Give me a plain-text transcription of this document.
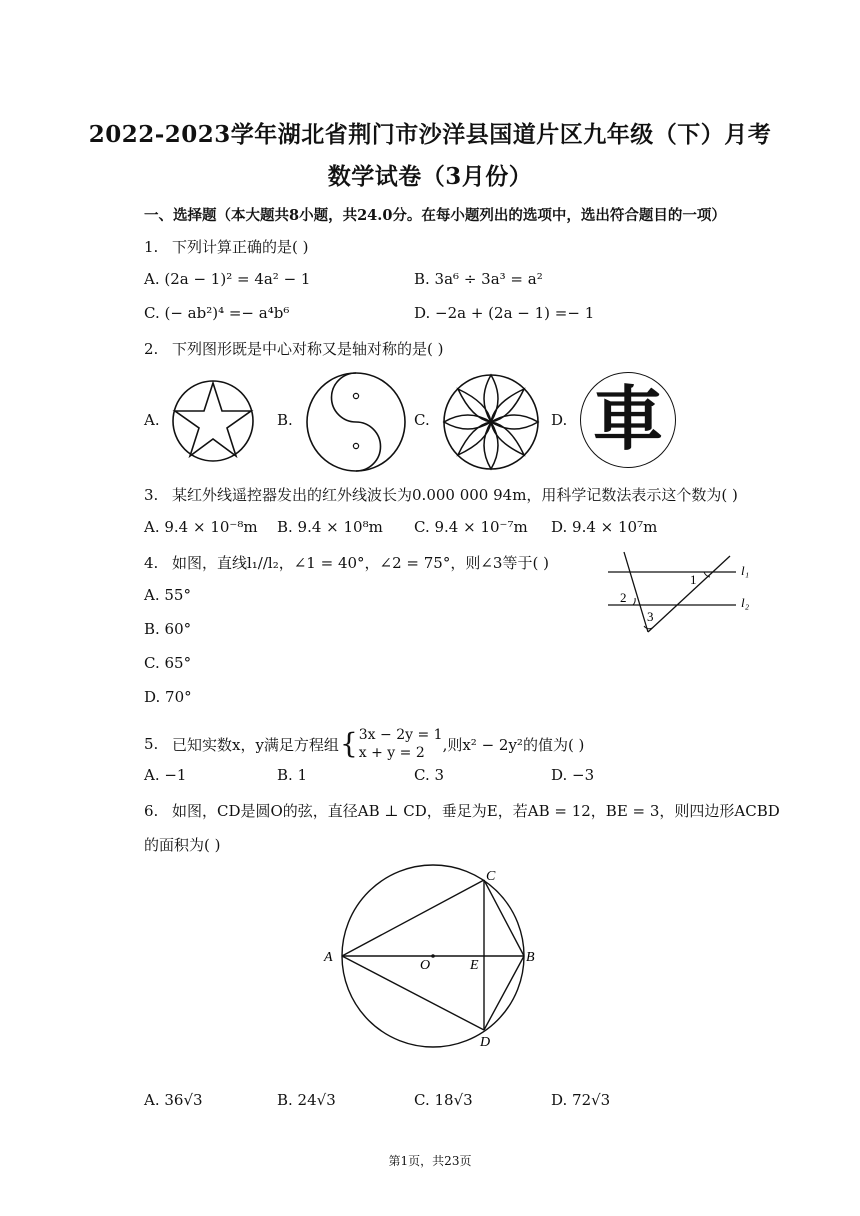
2022-2023学年湖北省荆门市沙洋县国道片区九年级（下）月考
数学试卷（3月份）
一、选择题（本大题共8小题，共24.0分。在每小题列出的选项中，选出符合题目的一项）
1. 下列计算正确的是( )
A. (2a − 1)² = 4a² − 1	B. 3a⁶ ÷ 3a³ = a²
C. (− ab²)⁴ =− a⁴b⁶	D. −2a + (2a − 1) =− 1
2. 下列图形既是中心对称又是轴对称的是( )
A.	B.	C.	D. 車
3. 某红外线遥控器发出的红外线波长为0.000 000 94m，用科学记数法表示这个数为( )
A. 9.4 × 10⁻⁸m B. 9.4 × 10⁸m C. 9.4 × 10⁻⁷m D. 9.4 × 10⁷m
4. 如图，直线l₁//l₂，∠1 = 40°，∠2 = 75°，则∠3等于( )
A. 55°
B. 60°
C. 65°
D. 70°
1
2
3
l₁
l₂
5. 已知实数x，y满足方程组 { 3x − 2y = 1
x + y = 2	,则x² − 2y²的值为( )
A. −1	B. 1	C. 3	D. −3
6. 如图，CD是圆O的弦，直径AB ⊥ CD，垂足为E，若AB = 12，BE = 3，则四边形ACBD
的面积为( )
A
O	E
B
C
D
A. 36√3	B. 24√3	C. 18√3	D. 72√3
第1页，共23页
